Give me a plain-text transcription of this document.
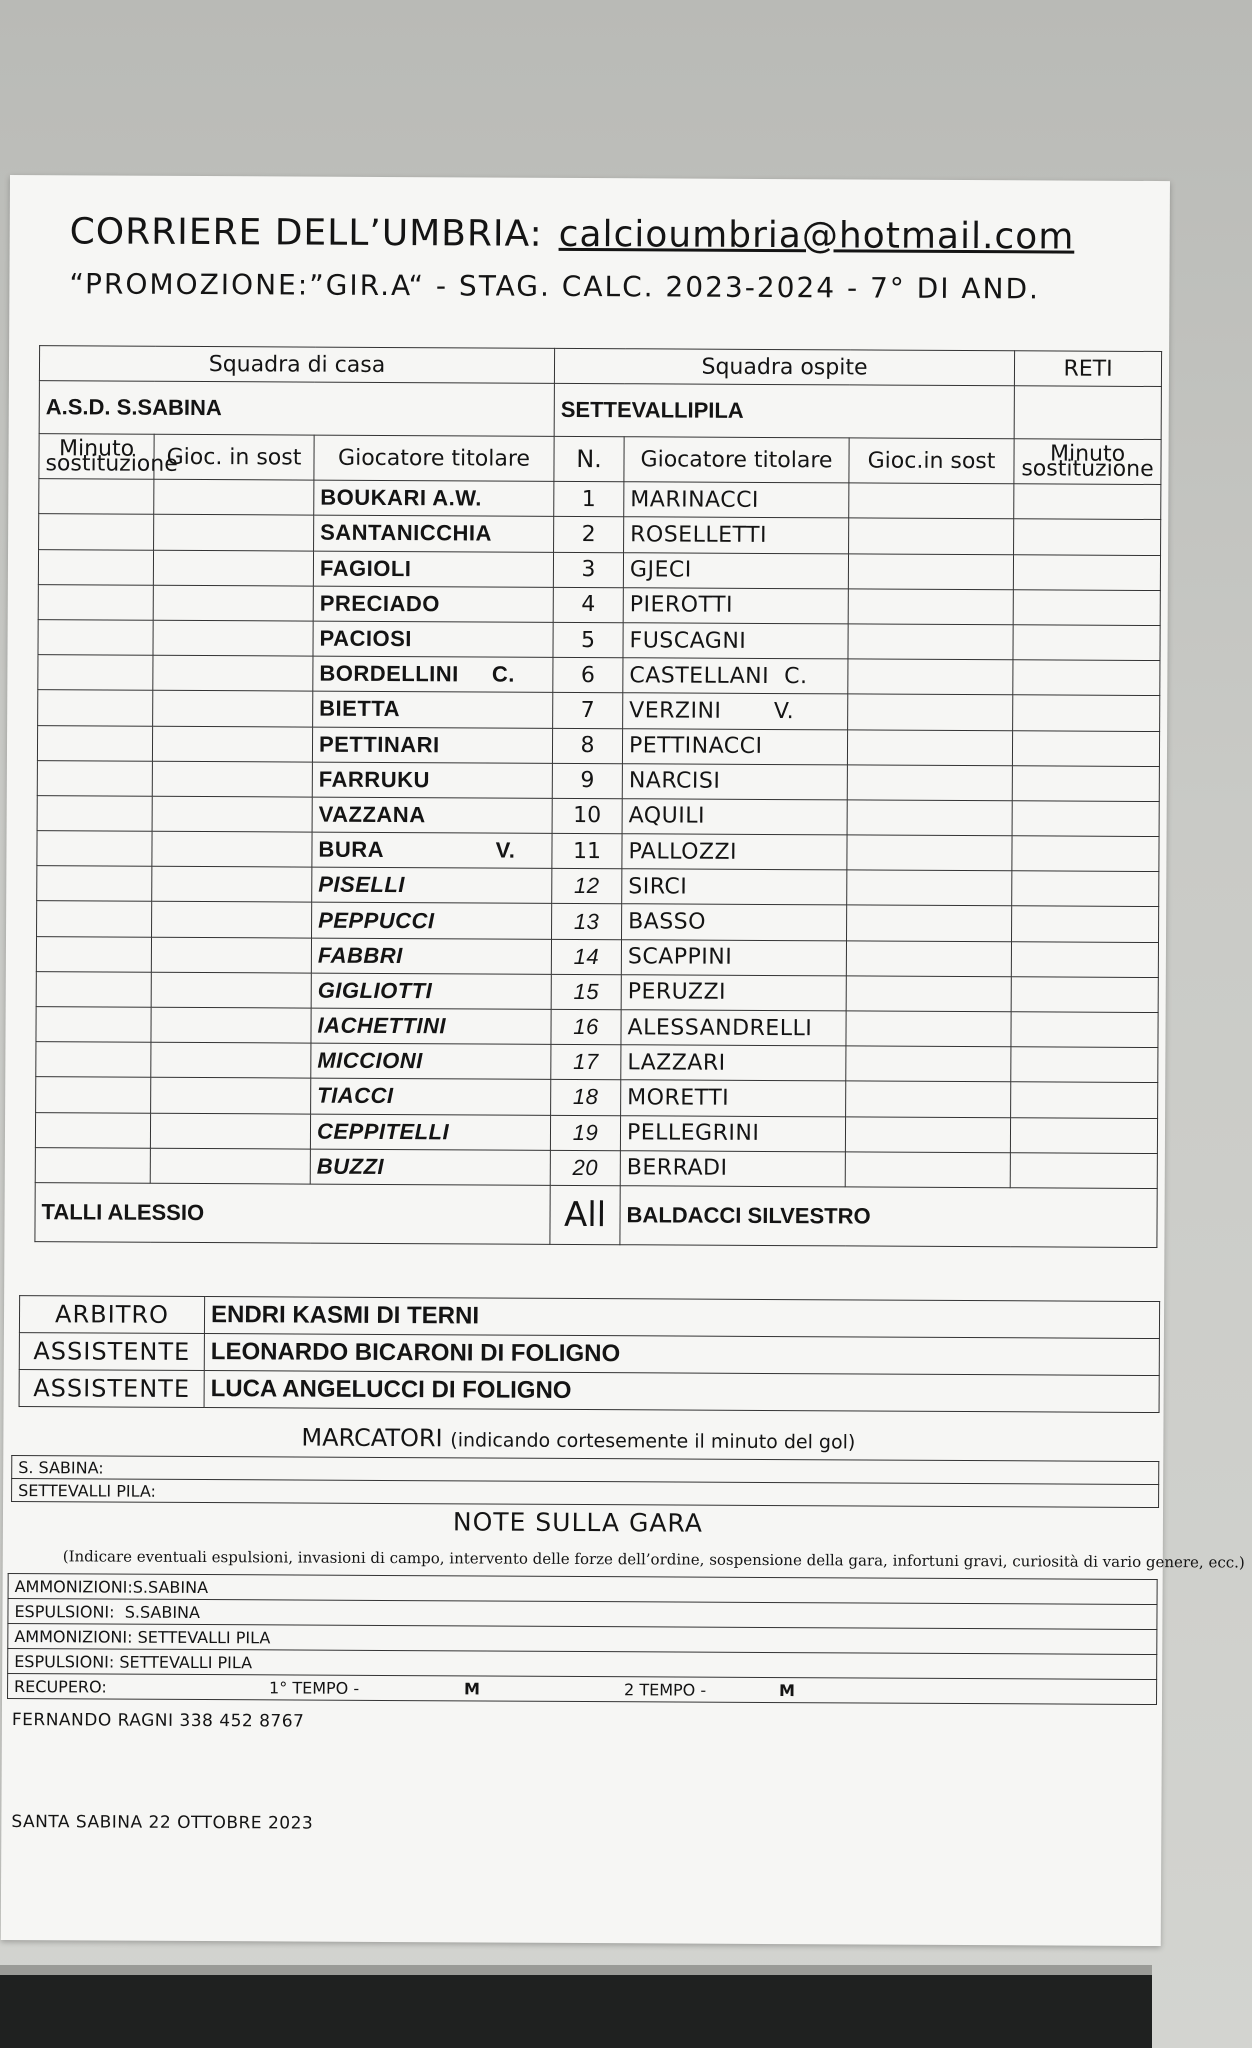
CORRIERE DELL’UMBRIA: calcioumbria@hotmail.com
“PROMOZIONE:”GIR.A“ - STAG. CALC. 2023-2024 - 7° DI AND.
Squadra di casa			Squadra ospite			RETI
A.S.D. S.SABINA			SETTEVALLIPILA			
Minuto sostituzione	Gioc. in sost	Giocatore titolare	N.	Giocatore titolare	Gioc.in sost	Minuto sostituzione
		BOUKARI A.W.	1	MARINACCI		
		SANTANICCHIA	2	ROSELLETTI		
		FAGIOLI	3	GJECI		
		PRECIADO	4	PIEROTTI		
		PACIOSI	5	FUSCAGNI		
		BORDELLINI     C.	6	CASTELLANI  C.		
		BIETTA	7	VERZINI       V.		
		PETTINARI	8	PETTINACCI		
		FARRUKU	9	NARCISI		
		VAZZANA	10	AQUILI		
		BURA                 V.	11	PALLOZZI		
		PISELLI	12	SIRCI		
		PEPPUCCI	13	BASSO		
		FABBRI	14	SCAPPINI		
		GIGLIOTTI	15	PERUZZI		
		IACHETTINI	16	ALESSANDRELLI		
		MICCIONI	17	LAZZARI		
		TIACCI	18	MORETTI		
		CEPPITELLI	19	PELLEGRINI		
		BUZZI	20	BERRADI		
TALLI ALESSIO			All	BALDACCI SILVESTRO		
ARBITRO	ENDRI KASMI DI TERNI
ASSISTENTE	LEONARDO BICARONI DI FOLIGNO
ASSISTENTE	LUCA ANGELUCCI DI FOLIGNO
MARCATORI (indicando cortesemente il minuto del gol)
S. SABINA:
SETTEVALLI PILA:
NOTE SULLA GARA
(Indicare eventuali espulsioni, invasioni di campo, intervento delle forze dell’ordine, sospensione della gara, infortuni gravi, curiosità di vario genere, ecc.)
AMMONIZIONI:S.SABINA
ESPULSIONI:  S.SABINA
AMMONIZIONI: SETTEVALLI PILA
ESPULSIONI: SETTEVALLI PILA
RECUPERO:	1° TEMPO -	M	2 TEMPO -	M
FERNANDO RAGNI 338 452 8767
SANTA SABINA 22 OTTOBRE 2023
